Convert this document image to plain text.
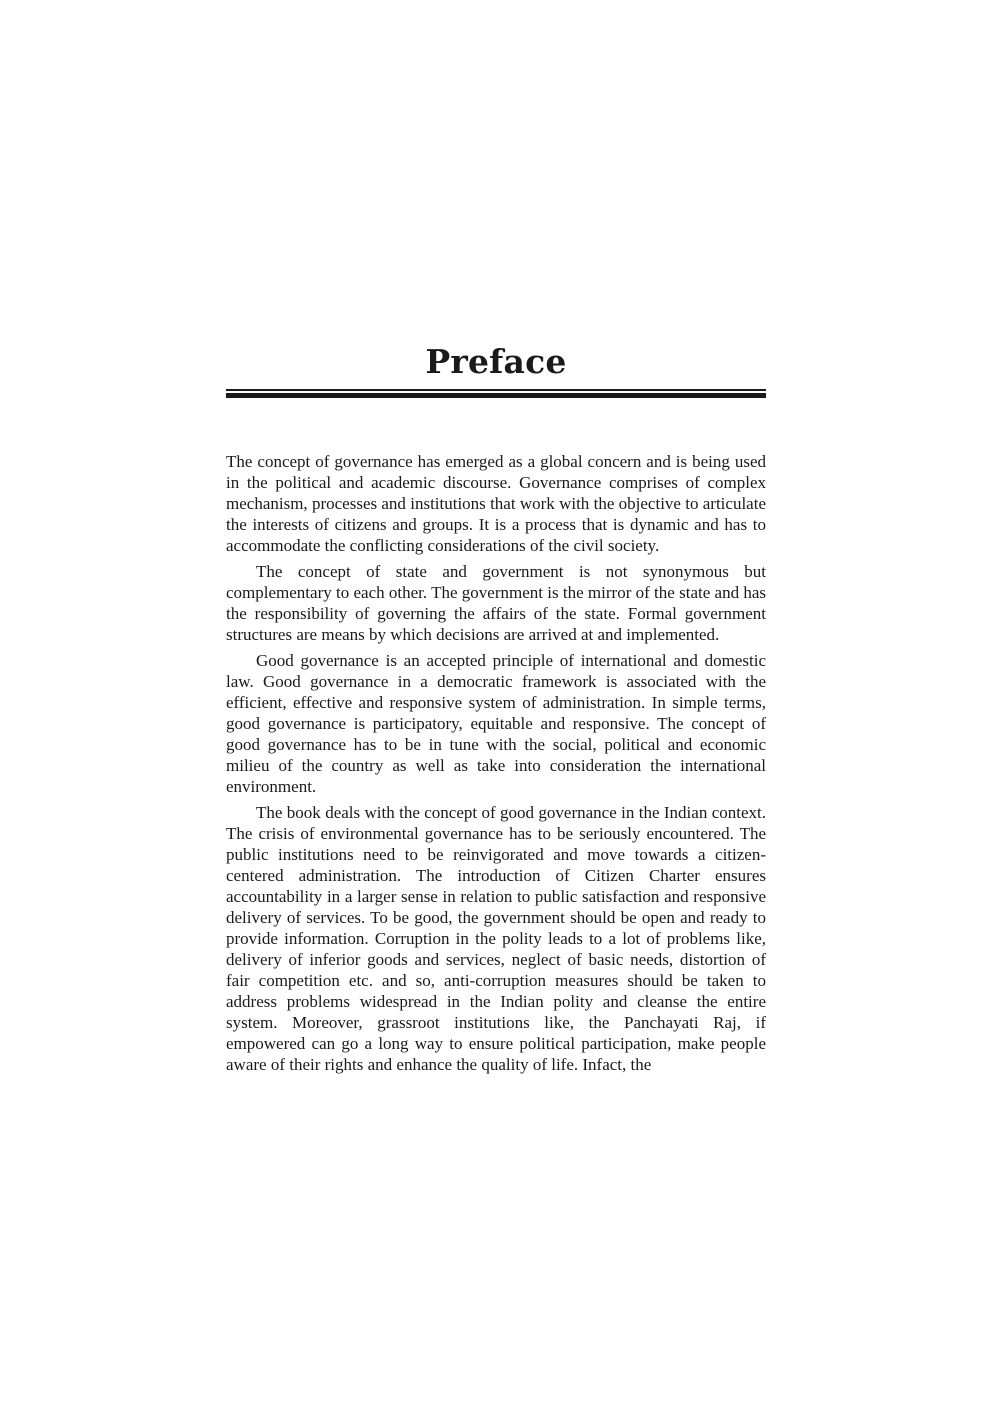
Preface

The concept of governance has emerged as a global concern and is being used in the political and academic discourse. Governance comprises of complex mechanism, processes and institutions that work with the objective to articulate the interests of citizens and groups. It is a process that is dynamic and has to accommodate the conflicting considerations of the civil society.

The concept of state and government is not synonymous but complementary to each other. The government is the mirror of the state and has the responsibility of governing the affairs of the state. Formal government structures are means by which decisions are arrived at and implemented.

Good governance is an accepted principle of international and domestic law. Good governance in a democratic framework is associated with the efficient, effective and responsive system of administration. In simple terms, good governance is participatory, equitable and responsive. The concept of good governance has to be in tune with the social, political and economic milieu of the country as well as take into consideration the international environment.

The book deals with the concept of good governance in the Indian context. The crisis of environmental governance has to be seriously encountered. The public institutions need to be reinvigorated and move towards a citizen-centered administration. The introduction of Citizen Charter ensures accountability in a larger sense in relation to public satisfaction and responsive delivery of services. To be good, the government should be open and ready to provide information. Corruption in the polity leads to a lot of problems like, delivery of inferior goods and services, neglect of basic needs, distortion of fair competition etc. and so, anti-corruption measures should be taken to address problems widespread in the Indian polity and cleanse the entire system. Moreover, grassroot institutions like, the Panchayati Raj, if empowered can go a long way to ensure political participation, make people aware of their rights and enhance the quality of life. Infact, the
